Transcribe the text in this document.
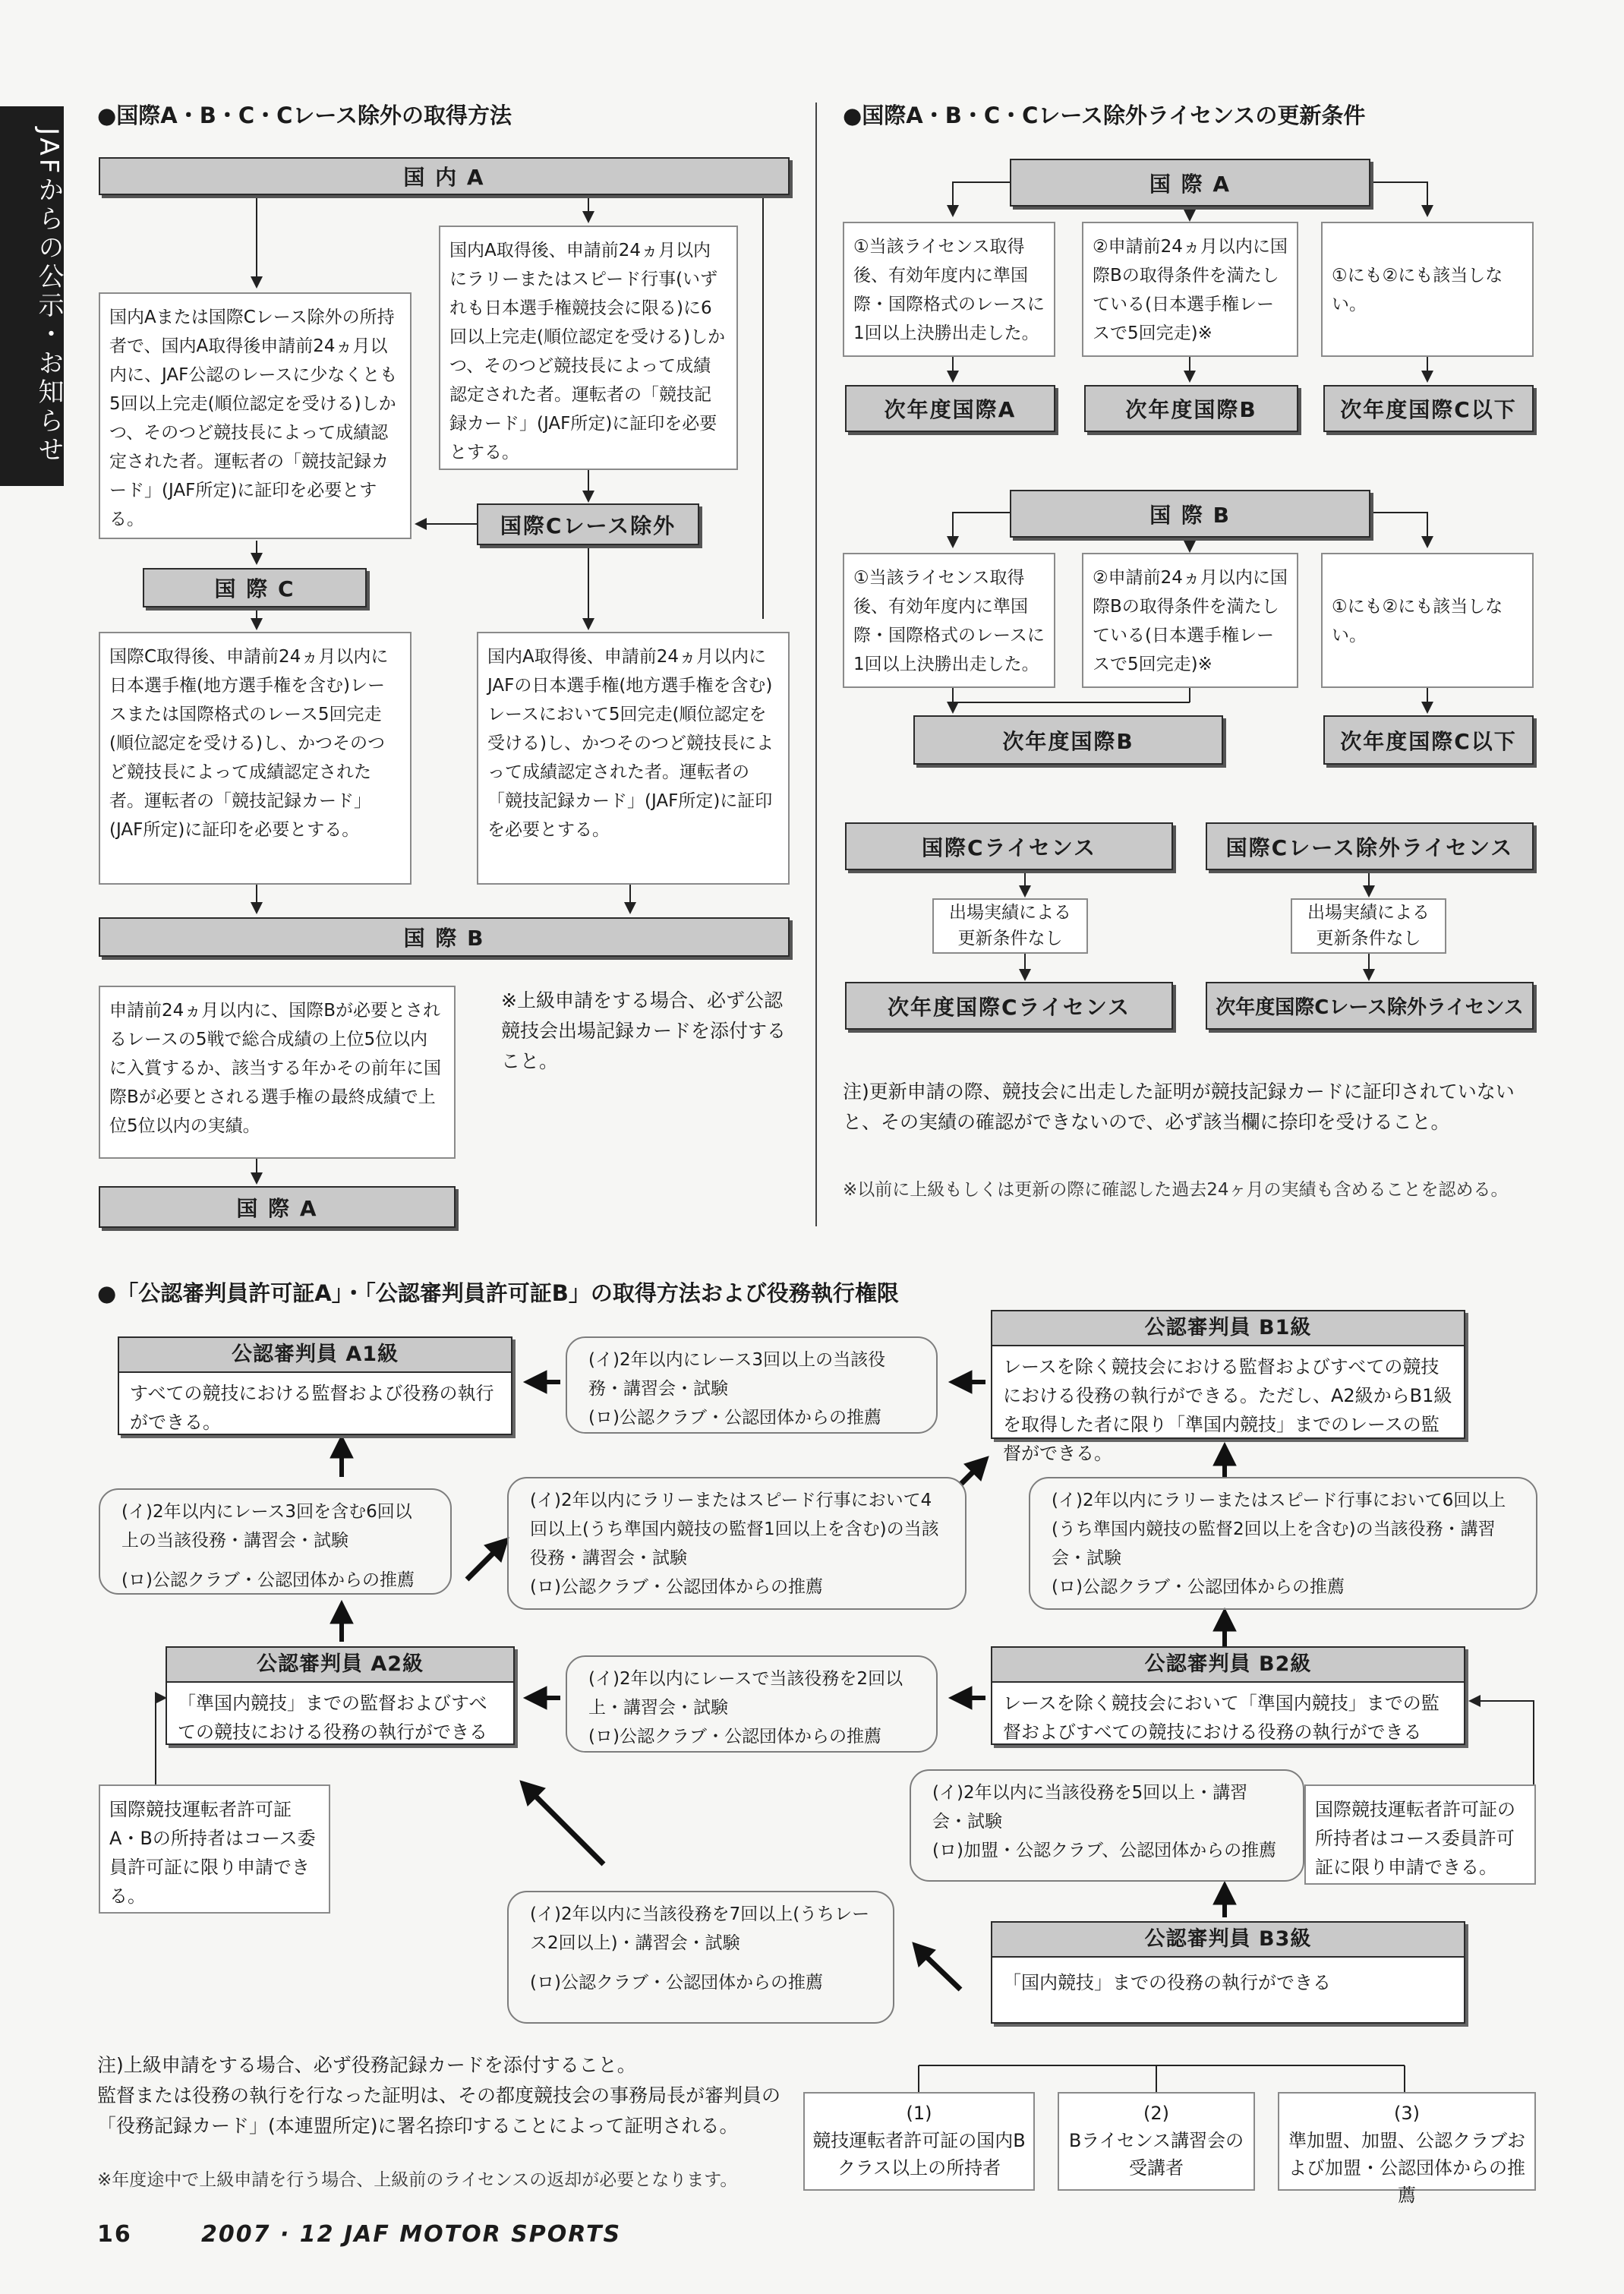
JAFからの公示・お知らせ
●国際A・B・C・Cレース除外の取得方法
国 内 A
国内Aまたは国際Cレース除外の所持者で、国内A取得後申請前24ヵ月以内に、JAF公認のレースに少なくとも5回以上完走(順位認定を受ける)しかつ、そのつど競技長によって成績認定された者。運転者の「競技記録カード」(JAF所定)に証印を必要とする。
国内A取得後、申請前24ヵ月以内にラリーまたはスピード行事(いずれも日本選手権競技会に限る)に6回以上完走(順位認定を受ける)しかつ、そのつど競技長によって成績認定された者。運転者の「競技記録カード」(JAF所定)に証印を必要とする。
国際Cレース除外
国 際 C
国際C取得後、申請前24ヵ月以内に日本選手権(地方選手権を含む)レースまたは国際格式のレース5回完走(順位認定を受ける)し、かつそのつど競技長によって成績認定された者。運転者の「競技記録カード」(JAF所定)に証印を必要とする。
国内A取得後、申請前24ヵ月以内にJAFの日本選手権(地方選手権を含む)レースにおいて5回完走(順位認定を受ける)し、かつそのつど競技長によって成績認定された者。運転者の「競技記録カード」(JAF所定)に証印を必要とする。
国 際 B
申請前24ヵ月以内に、国際Bが必要とされるレースの5戦で総合成績の上位5位以内に入賞するか、該当する年かその前年に国際Bが必要とされる選手権の最終成績で上位5位以内の実績。
※上級申請をする場合、必ず公認競技会出場記録カードを添付すること。
国 際 A
●国際A・B・C・Cレース除外ライセンスの更新条件
国 際 A
①当該ライセンス取得後、有効年度内に準国際・国際格式のレースに1回以上決勝出走した。
②申請前24ヵ月以内に国際Bの取得条件を満たしている(日本選手権レースで5回完走)※
①にも②にも該当しない。
次年度国際A	次年度国際B	次年度国際C以下
国 際 B
①当該ライセンス取得後、有効年度内に準国際・国際格式のレースに1回以上決勝出走した。
②申請前24ヵ月以内に国際Bの取得条件を満たしている(日本選手権レースで5回完走)※
①にも②にも該当しない。
次年度国際B	次年度国際C以下
国際Cライセンス	国際Cレース除外ライセンス
出場実績による更新条件なし
出場実績による更新条件なし
次年度国際Cライセンス	次年度国際Cレース除外ライセンス
注)更新申請の際、競技会に出走した証明が競技記録カードに証印されていないと、その実績の確認ができないので、必ず該当欄に捺印を受けること。
※以前に上級もしくは更新の際に確認した過去24ヶ月の実績も含めることを認める。
●「公認審判員許可証A」・「公認審判員許可証B」の取得方法および役務執行権限
公認審判員 A1級
すべての競技における監督および役務の執行ができる。
公認審判員 B1級
レースを除く競技会における監督およびすべての競技における役務の執行ができる。ただし、A2級からB1級を取得した者に限り「準国内競技」までのレースの監督ができる。
公認審判員 A2級
「準国内競技」までの監督およびすべての競技における役務の執行ができる
公認審判員 B2級
レースを除く競技会において「準国内競技」までの監督およびすべての競技における役務の執行ができる
公認審判員 B3級
「国内競技」までの役務の執行ができる
(イ)2年以内にレース3回以上の当該役務・講習会・試験
(ロ)公認クラブ・公認団体からの推薦
(イ)2年以内にレース3回を含む6回以上の当該役務・講習会・試験
(ロ)公認クラブ・公認団体からの推薦
(イ)2年以内にラリーまたはスピード行事において4回以上(うち準国内競技の監督1回以上を含む)の当該役務・講習会・試験
(ロ)公認クラブ・公認団体からの推薦
(イ)2年以内にラリーまたはスピード行事において6回以上(うち準国内競技の監督2回以上を含む)の当該役務・講習会・試験
(ロ)公認クラブ・公認団体からの推薦
(イ)2年以内にレースで当該役務を2回以上・講習会・試験
(ロ)公認クラブ・公認団体からの推薦
(イ)2年以内に当該役務を5回以上・講習会・試験
(ロ)加盟・公認クラブ、公認団体からの推薦
(イ)2年以内に当該役務を7回以上(うちレース2回以上)・講習会・試験
(ロ)公認クラブ・公認団体からの推薦
国際競技運転者許可証A・Bの所持者はコース委員許可証に限り申請できる。
国際競技運転者許可証の所持者はコース委員許可証に限り申請できる。
(1)
競技運転者許可証の国内Bクラス以上の所持者
(2)
Bライセンス講習会の受講者
(3)
準加盟、加盟、公認クラブおよび加盟・公認団体からの推薦
注)上級申請をする場合、必ず役務記録カードを添付すること。
監督または役務の執行を行なった証明は、その都度競技会の事務局長が審判員の「役務記録カード」(本連盟所定)に署名捺印することによって証明される。
※年度途中で上級申請を行う場合、上級前のライセンスの返却が必要となります。
16	2007 · 12 JAF MOTOR SPORTS
